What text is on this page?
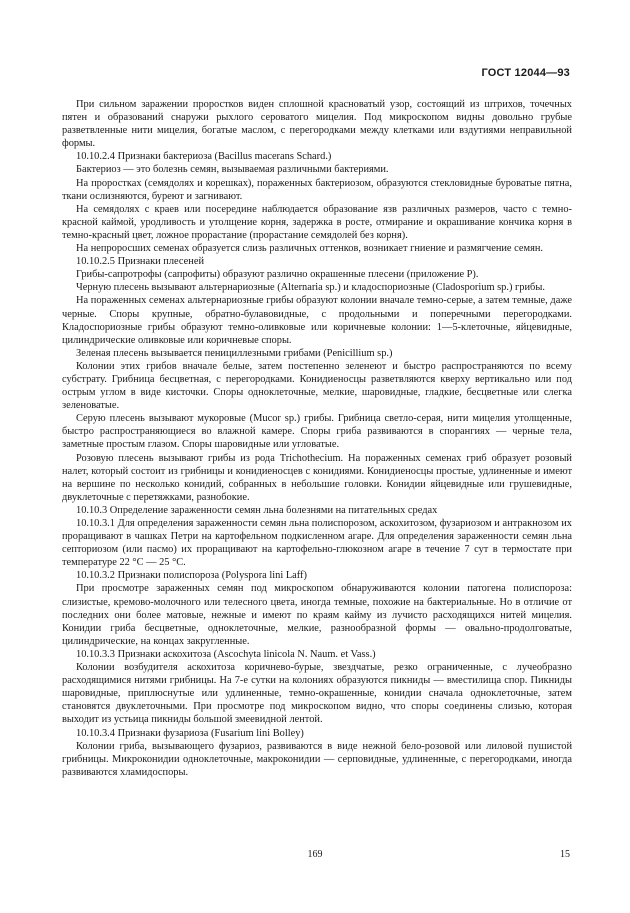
ГОСТ 12044—93

При сильном заражении проростков виден сплошной красноватый узор, состоящий из штрихов, точечных пятен и образований снаружи рыхлого сероватого мицелия. Под микроскопом видны довольно грубые разветвленные нити мицелия, богатые маслом, с перегородками между клетками или вздутиями неправильной формы.

10.10.2.4 Признаки бактериоза (Bacillus macerans Schard.)

Бактериоз — это болезнь семян, вызываемая различными бактериями.

На проростках (семядолях и корешках), пораженных бактериозом, образуются стекловидные буроватые пятна, ткани ослизняются, буреют и загнивают.

На семядолях с краев или посередине наблюдается образование язв различных размеров, часто с темно-красной каймой, уродливость и утолщение корня, задержка в росте, отмирание и окрашивание кончика корня в темно-красный цвет, ложное прорастание (прорастание семядолей без корня).

На непроросших семенах образуется слизь различных оттенков, возникает гниение и размягчение семян.

10.10.2.5 Признаки плесеней

Грибы-сапротрофы (сапрофиты) образуют различно окрашенные плесени (приложение Р).

Черную плесень вызывают альтернариозные (Alternaria sp.) и кладоспориозные (Cladosporium sp.) грибы.

На пораженных семенах альтернариозные грибы образуют колонии вначале темно-серые, а затем темные, даже черные. Споры крупные, обратно-булавовидные, с продольными и поперечными перегородками. Кладоспориозные грибы образуют темно-оливковые или коричневые колонии: 1—5-клеточные, яйцевидные, цилиндрические оливковые или коричневые споры.

Зеленая плесень вызывается пенициллезными грибами (Penicillium sp.)

Колонии этих грибов вначале белые, затем постепенно зеленеют и быстро распространяются по всему субстрату. Грибница бесцветная, с перегородками. Конидиеносцы разветвляются кверху вертикально или под острым углом в виде кисточки. Споры одноклеточные, мелкие, шаровидные, гладкие, бесцветные или слегка зеленоватые.

Серую плесень вызывают мукоровые (Mucor sp.) грибы. Грибница светло-серая, нити мицелия утолщенные, быстро распространяющиеся во влажной камере. Споры гриба развиваются в спорангиях — черные тела, заметные простым глазом. Споры шаровидные или угловатые.

Розовую плесень вызывают грибы из рода Trichothecium. На пораженных семенах гриб образует розовый налет, который состоит из грибницы и конидиеносцев с конидиями. Конидиеносцы простые, удлиненные и имеют на вершине по несколько конидий, собранных в небольшие головки. Конидии яйцевидные или грушевидные, двуклеточные с перетяжками, разнобокие.

10.10.3 Определение зараженности семян льна болезнями на питательных средах

10.10.3.1 Для определения зараженности семян льна полиспорозом, аскохитозом, фузариозом и антракнозом их проращивают в чашках Петри на картофельном подкисленном агаре. Для определения зараженности семян льна септориозом (или пасмо) их проращивают на картофельно-глюкозном агаре в течение 7 сут в термостате при температуре 22 °С — 25 °С.

10.10.3.2 Признаки полиспороза (Polyspora lini Laff)

При просмотре зараженных семян под микроскопом обнаруживаются колонии патогена полиспороза: слизистые, кремово-молочного или телесного цвета, иногда темные, похожие на бактериальные. Но в отличие от последних они более матовые, нежные и имеют по краям кайму из лучисто расходящихся нитей мицелия. Конидии гриба бесцветные, одноклеточные, мелкие, разнообразной формы — овально-продолговатые, цилиндрические, на концах закругленные.

10.10.3.3 Признаки аскохитоза (Ascochyta linicola N. Naum. et Vass.)

Колонии возбудителя аскохитоза коричнево-бурые, звездчатые, резко ограниченные, с лучеобразно расходящимися нитями грибницы. На 7-е сутки на колониях образуются пикниды — вместилища спор. Пикниды шаровидные, приплюснутые или удлиненные, темно-окрашенные, конидии сначала одноклеточные, затем становятся двуклеточными. При просмотре под микроскопом видно, что споры соединены слизью, которая выходит из устьица пикниды большой змеевидной лентой.

10.10.3.4 Признаки фузариоза (Fusarium lini Bolley)

Колонии гриба, вызывающего фузариоз, развиваются в виде нежной бело-розовой или лиловой пушистой грибницы. Микроконидии одноклеточные, макроконидии — серповидные, удлиненные, с перегородками, иногда развиваются хламидоспоры.

169	15
